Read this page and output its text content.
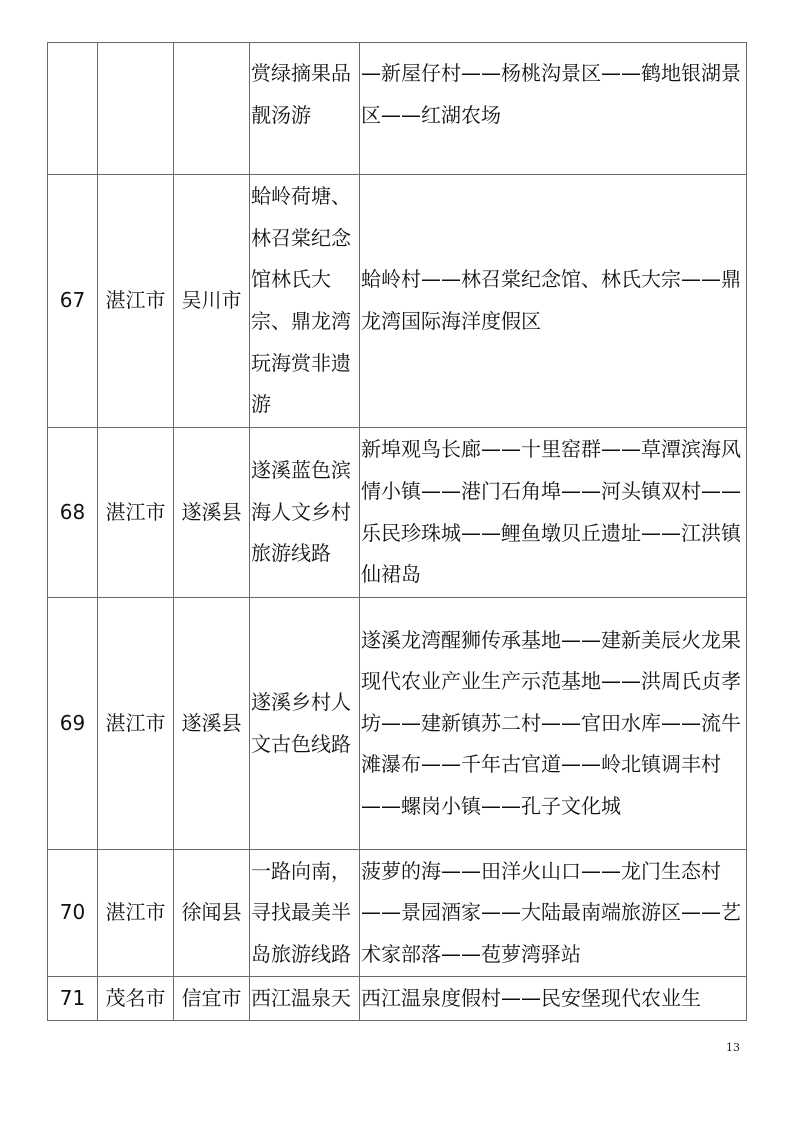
			赏绿摘果品靓汤游	—新屋仔村——杨桃沟景区——鹤地银湖景区——红湖农场
67	湛江市	吴川市	蛤岭荷塘、林召棠纪念馆林氏大宗、鼎龙湾玩海赏非遗游	蛤岭村——林召棠纪念馆、林氏大宗——鼎龙湾国际海洋度假区
68	湛江市	遂溪县	遂溪蓝色滨海人文乡村旅游线路	新埠观鸟长廊——十里窑群——草潭滨海风情小镇——港门石角埠——河头镇双村——乐民珍珠城——鲤鱼墩贝丘遗址——江洪镇仙裙岛
69	湛江市	遂溪县	遂溪乡村人文古色线路	遂溪龙湾醒狮传承基地——建新美辰火龙果现代农业产业生产示范基地——洪周氏贞孝坊——建新镇苏二村——官田水库——流牛滩瀑布——千年古官道——岭北镇调丰村——螺岗小镇——孔子文化城
70	湛江市	徐闻县	一路向南，寻找最美半岛旅游线路	菠萝的海——田洋火山口——龙门生态村——景园酒家——大陆最南端旅游区——艺术家部落——苞萝湾驿站
71	茂名市	信宜市	西江温泉天	西江温泉度假村——民安堡现代农业生
13
